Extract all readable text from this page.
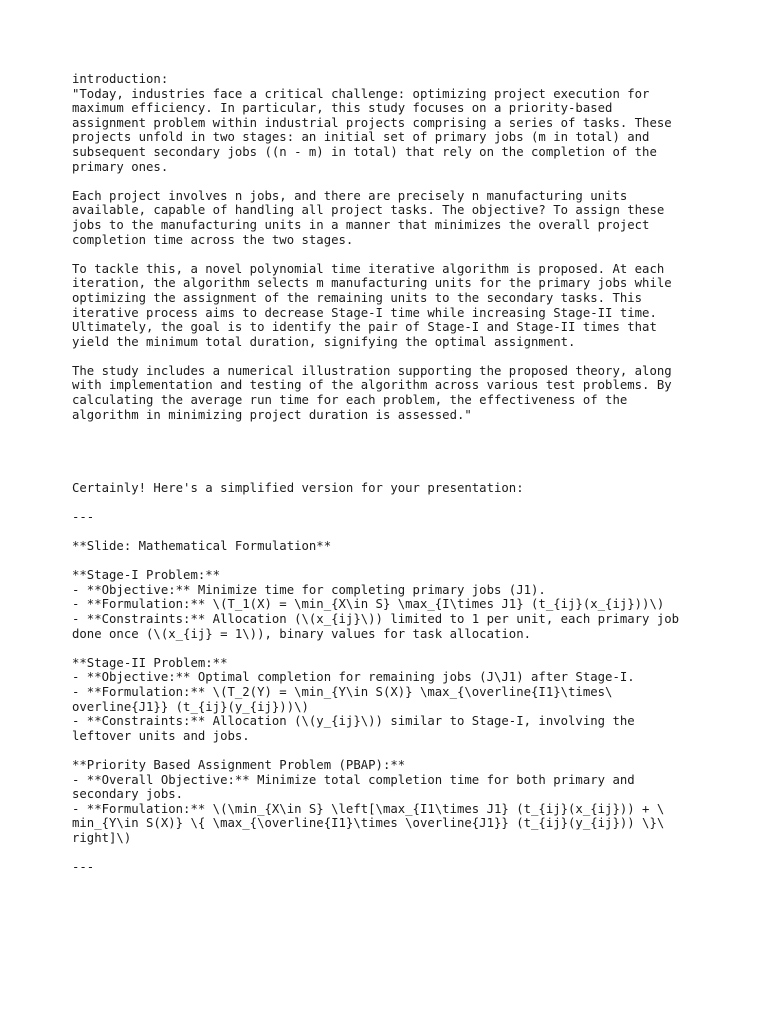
introduction:
"Today, industries face a critical challenge: optimizing project execution for
maximum efficiency. In particular, this study focuses on a priority-based
assignment problem within industrial projects comprising a series of tasks. These
projects unfold in two stages: an initial set of primary jobs (m in total) and
subsequent secondary jobs ((n - m) in total) that rely on the completion of the
primary ones.
Each project involves n jobs, and there are precisely n manufacturing units
available, capable of handling all project tasks. The objective? To assign these
jobs to the manufacturing units in a manner that minimizes the overall project
completion time across the two stages.
To tackle this, a novel polynomial time iterative algorithm is proposed. At each
iteration, the algorithm selects m manufacturing units for the primary jobs while
optimizing the assignment of the remaining units to the secondary tasks. This
iterative process aims to decrease Stage-I time while increasing Stage-II time.
Ultimately, the goal is to identify the pair of Stage-I and Stage-II times that
yield the minimum total duration, signifying the optimal assignment.
The study includes a numerical illustration supporting the proposed theory, along
with implementation and testing of the algorithm across various test problems. By
calculating the average run time for each problem, the effectiveness of the
algorithm in minimizing project duration is assessed."
Certainly! Here's a simplified version for your presentation:
---
**Slide: Mathematical Formulation**
**Stage-I Problem:**
- **Objective:** Minimize time for completing primary jobs (J1).
- **Formulation:** \(T_1(X) = \min_{X\in S} \max_{I\times J1} (t_{ij}(x_{ij}))\)
- **Constraints:** Allocation (\(x_{ij}\)) limited to 1 per unit, each primary job
done once (\(x_{ij} = 1\)), binary values for task allocation.
**Stage-II Problem:**
- **Objective:** Optimal completion for remaining jobs (J\J1) after Stage-I.
- **Formulation:** \(T_2(Y) = \min_{Y\in S(X)} \max_{\overline{I1}\times\
overline{J1}} (t_{ij}(y_{ij}))\)
- **Constraints:** Allocation (\(y_{ij}\)) similar to Stage-I, involving the
leftover units and jobs.
**Priority Based Assignment Problem (PBAP):**
- **Overall Objective:** Minimize total completion time for both primary and
secondary jobs.
- **Formulation:** \(\min_{X\in S} \left[\max_{I1\times J1} (t_{ij}(x_{ij})) + \
min_{Y\in S(X)} \{ \max_{\overline{I1}\times \overline{J1}} (t_{ij}(y_{ij})) \}\
right]\)
---
